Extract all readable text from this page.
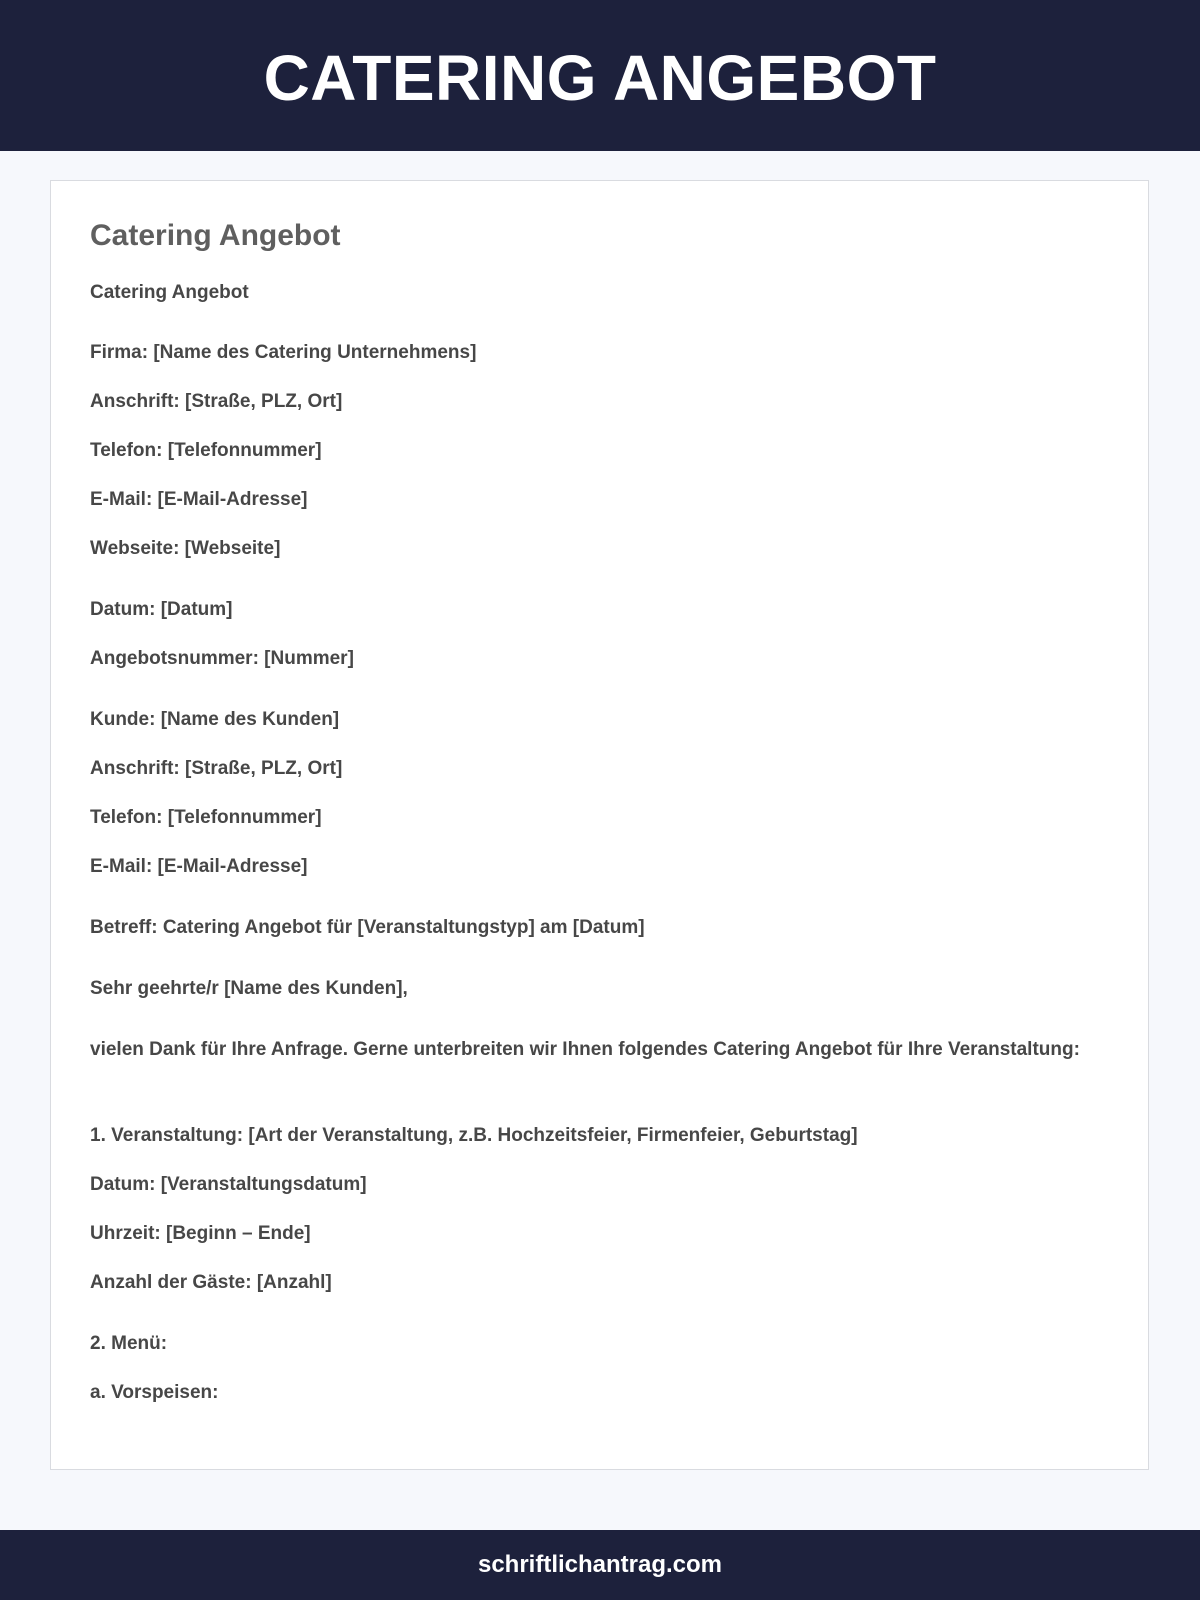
CATERING ANGEBOT
Catering Angebot

Catering Angebot

Firma: [Name des Catering Unternehmens]

Anschrift: [Straße, PLZ, Ort]

Telefon: [Telefonnummer]

E-Mail: [E-Mail-Adresse]

Webseite: [Webseite]

Datum: [Datum]

Angebotsnummer: [Nummer]

Kunde: [Name des Kunden]

Anschrift: [Straße, PLZ, Ort]

Telefon: [Telefonnummer]

E-Mail: [E-Mail-Adresse]

Betreff: Catering Angebot für [Veranstaltungstyp] am [Datum]

Sehr geehrte/r [Name des Kunden],

vielen Dank für Ihre Anfrage. Gerne unterbreiten wir Ihnen folgendes Catering Angebot für Ihre Veranstaltung:

1. Veranstaltung: [Art der Veranstaltung, z.B. Hochzeitsfeier, Firmenfeier, Geburtstag]

Datum: [Veranstaltungsdatum]

Uhrzeit: [Beginn – Ende]

Anzahl der Gäste: [Anzahl]

2. Menü:

a. Vorspeisen:

schriftlichantrag.com
